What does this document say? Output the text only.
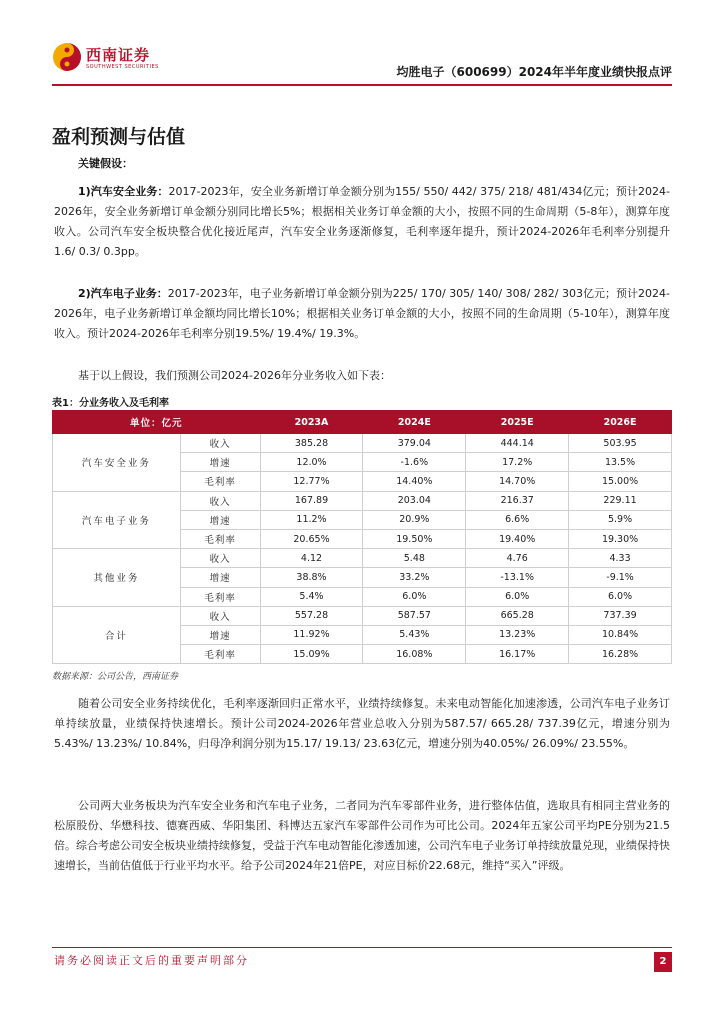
西南证券
SOUTHWEST SECURITIES	均胜电子（600699）2024年半年度业绩快报点评
盈利预测与估值
关键假设：
1)汽车安全业务：2017-2023年，安全业务新增订单金额分别为155/ 550/ 442/ 375/ 218/ 481/434亿元；预计2024-2026年，安全业务新增订单金额分别同比增长5%；根据相关业务订单金额的大小，按照不同的生命周期（5-8年），测算年度收入。公司汽车安全板块整合优化接近尾声，汽车安全业务逐渐修复，毛利率逐年提升，预计2024-2026年毛利率分别提升1.6/ 0.3/ 0.3pp。
2)汽车电子业务：2017-2023年，电子业务新增订单金额分别为225/ 170/ 305/ 140/ 308/ 282/ 303亿元；预计2024-2026年，电子业务新增订单金额均同比增长10%；根据相关业务订单金额的大小，按照不同的生命周期（5-10年），测算年度收入。预计2024-2026年毛利率分别19.5%/ 19.4%/ 19.3%。
基于以上假设，我们预测公司2024-2026年分业务收入如下表：
表1：分业务收入及毛利率
单位：亿元		2023A	2024E	2025E	2026E
汽车安全业务	收入	385.28	379.04	444.14	503.95
	增速	12.0%	-1.6%	17.2%	13.5%
	毛利率	12.77%	14.40%	14.70%	15.00%
汽车电子业务	收入	167.89	203.04	216.37	229.11
	增速	11.2%	20.9%	6.6%	5.9%
	毛利率	20.65%	19.50%	19.40%	19.30%
其他业务	收入	4.12	5.48	4.76	4.33
	增速	38.8%	33.2%	-13.1%	-9.1%
	毛利率	5.4%	6.0%	6.0%	6.0%
合计	收入	557.28	587.57	665.28	737.39
	增速	11.92%	5.43%	13.23%	10.84%
	毛利率	15.09%	16.08%	16.17%	16.28%
数据来源：公司公告，西南证券
随着公司安全业务持续优化，毛利率逐渐回归正常水平，业绩持续修复。未来电动智能化加速渗透，公司汽车电子业务订单持续放量，业绩保持快速增长。预计公司2024-2026年营业总收入分别为587.57/ 665.28/ 737.39亿元，增速分别为5.43%/ 13.23%/ 10.84%，归母净利润分别为15.17/ 19.13/ 23.63亿元，增速分别为40.05%/ 26.09%/ 23.55%。
公司两大业务板块为汽车安全业务和汽车电子业务，二者同为汽车零部件业务，进行整体估值，选取具有相同主营业务的松原股份、华懋科技、德赛西威、华阳集团、科博达五家汽车零部件公司作为可比公司。2024年五家公司平均PE分别为21.5倍。综合考虑公司安全板块业绩持续修复，受益于汽车电动智能化渗透加速，公司汽车电子业务订单持续放量兑现，业绩保持快速增长，当前估值低于行业平均水平。给予公司2024年21倍PE，对应目标价22.68元，维持“买入”评级。
请务必阅读正文后的重要声明部分	2
